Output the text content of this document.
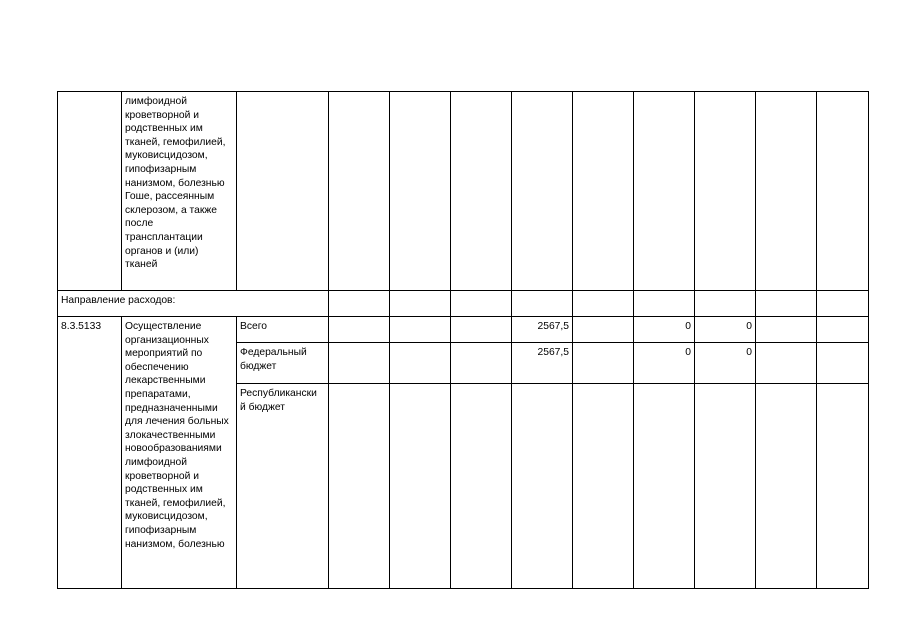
	лимфоидной кроветворной и родственных им тканей, гемофилией, муковисцидозом, гипофизарным нанизмом, болезнью Гоше, рассеянным склерозом, а также после трансплантации органов и (или) тканей										
Направление расходов:											
8.3.5133	Осуществление организационных мероприятий по обеспечению лекарственными препаратами, предназначенными для лечения больных злокачественными новообразованиями лимфоидной кроветворной и родственных им тканей, гемофилией, муковисцидозом, гипофизарным нанизмом, болезнью	Всего				2567,5		0	0		
		Федеральный бюджет				2567,5		0	0		
		Республикански й бюджет									
